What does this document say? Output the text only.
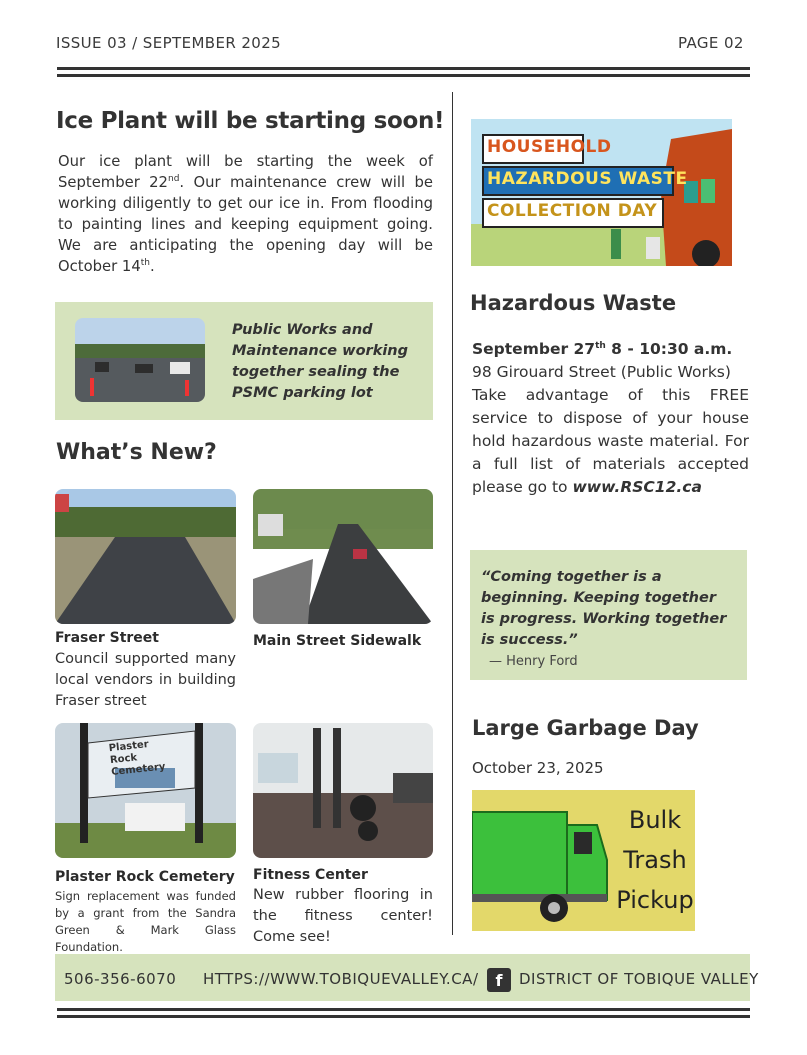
ISSUE 03 / SEPTEMBER 2025	PAGE 02
Ice Plant will be starting soon!

Our ice plant will be starting the week of September 22nd. Our maintenance crew will be working diligently to get our ice in. From flooding to painting lines and keeping equipment going. We are anticipating the opening day will be October 14th.

Public Works and Maintenance working together sealing the PSMC parking lot
What’s New?
Fraser Street
Council supported many local vendors in building Fraser street
Main Street Sidewalk
Plaster Rock Cemetery
Plaster Rock Cemetery
Sign replacement was funded by a grant from the Sandra Green & Mark Glass Foundation.
Fitness Center
New rubber flooring in the fitness center! Come see!
HOUSEHOLD
HAZARDOUS WASTE
COLLECTION DAY
Hazardous Waste
September 27th 8 - 10:30 a.m.
98 Girouard Street (Public Works)
Take advantage of this FREE service to dispose of your house hold hazardous waste material. For a full list of materials accepted please go to www.RSC12.ca
“Coming together is a beginning. Keeping together is progress. Working together is success.”
— Henry Ford
Large Garbage Day
October 23, 2025
Bulk
Trash
Pickup
506-356-6070 HTTPS://WWW.TOBIQUEVALLEY.CA/	f	DISTRICT OF TOBIQUE VALLEY
